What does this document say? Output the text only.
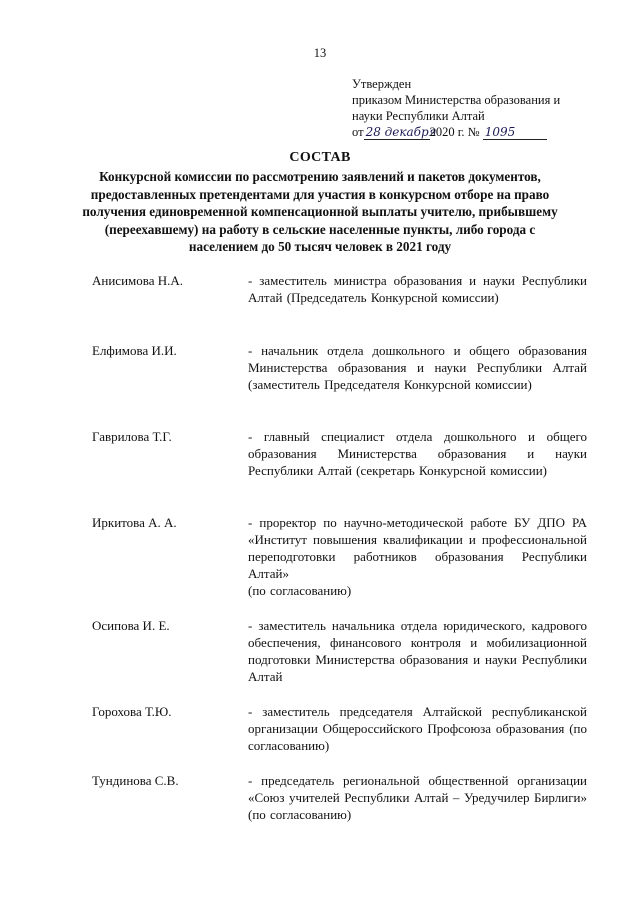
13
Утвержден
приказом Министерства образования и
науки Республики Алтай
от 28 декабря2020 г. № 1095
СОСТАВ
Конкурсной комиссии по рассмотрению заявлений и пакетов документов, предоставленных претендентами для участия в конкурсном отборе на право получения единовременной компенсационной выплаты учителю, прибывшему (переехавшему) на работу в сельские населенные пункты, либо города с населением до 50 тысяч человек в 2021 году
Анисимова Н.А.	- заместитель министра образования и науки Республики Алтай (Председатель Конкурсной комиссии)
Елфимова И.И.	- начальник отдела дошкольного и общего образования Министерства образования и науки Республики Алтай (заместитель Председателя Конкурсной комиссии)
Гаврилова Т.Г.	- главный специалист отдела дошкольного и общего образования Министерства образования и науки Республики Алтай (секретарь Конкурсной комиссии)
Иркитова А. А.	- проректор по научно-методической работе БУ ДПО РА «Институт повышения квалификации и профессиональной переподготовки работников образования Республики Алтай»
(по согласованию)
Осипова И. Е.	- заместитель начальника отдела юридического, кадрового обеспечения, финансового контроля и мобилизационной подготовки Министерства образования и науки Республики Алтай
Горохова Т.Ю.	- заместитель председателя Алтайской республиканской организации Общероссийского Профсоюза образования (по согласованию)
Тундинова С.В.	- председатель региональной общественной организации «Союз учителей Республики Алтай – Уредучилер Бирлиги» (по согласованию)
